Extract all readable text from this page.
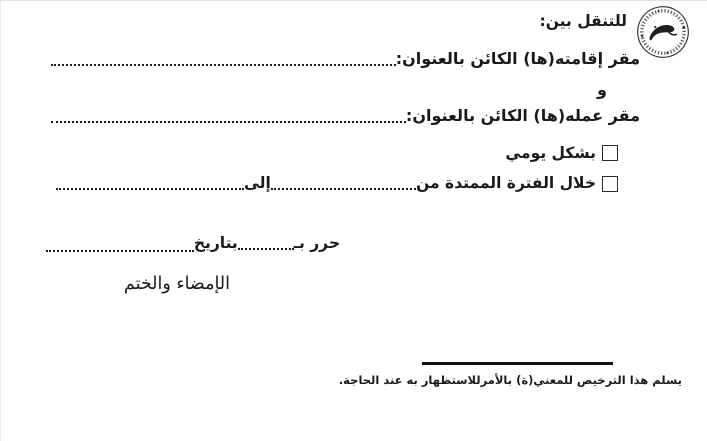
للتنقل بين:
مقر إقامته(ها) الكائن بالعنوان:
و
مقر عمله(ها) الكائن بالعنوان:
بشكل يومي
خلال الفترة الممتدة من
إلى
حرر بـ
بتاريخ
الإمضاء والختم
يسلم هذا الترخيص للمعني(ة) بالأمرللاستظهار به عند الحاجة.
